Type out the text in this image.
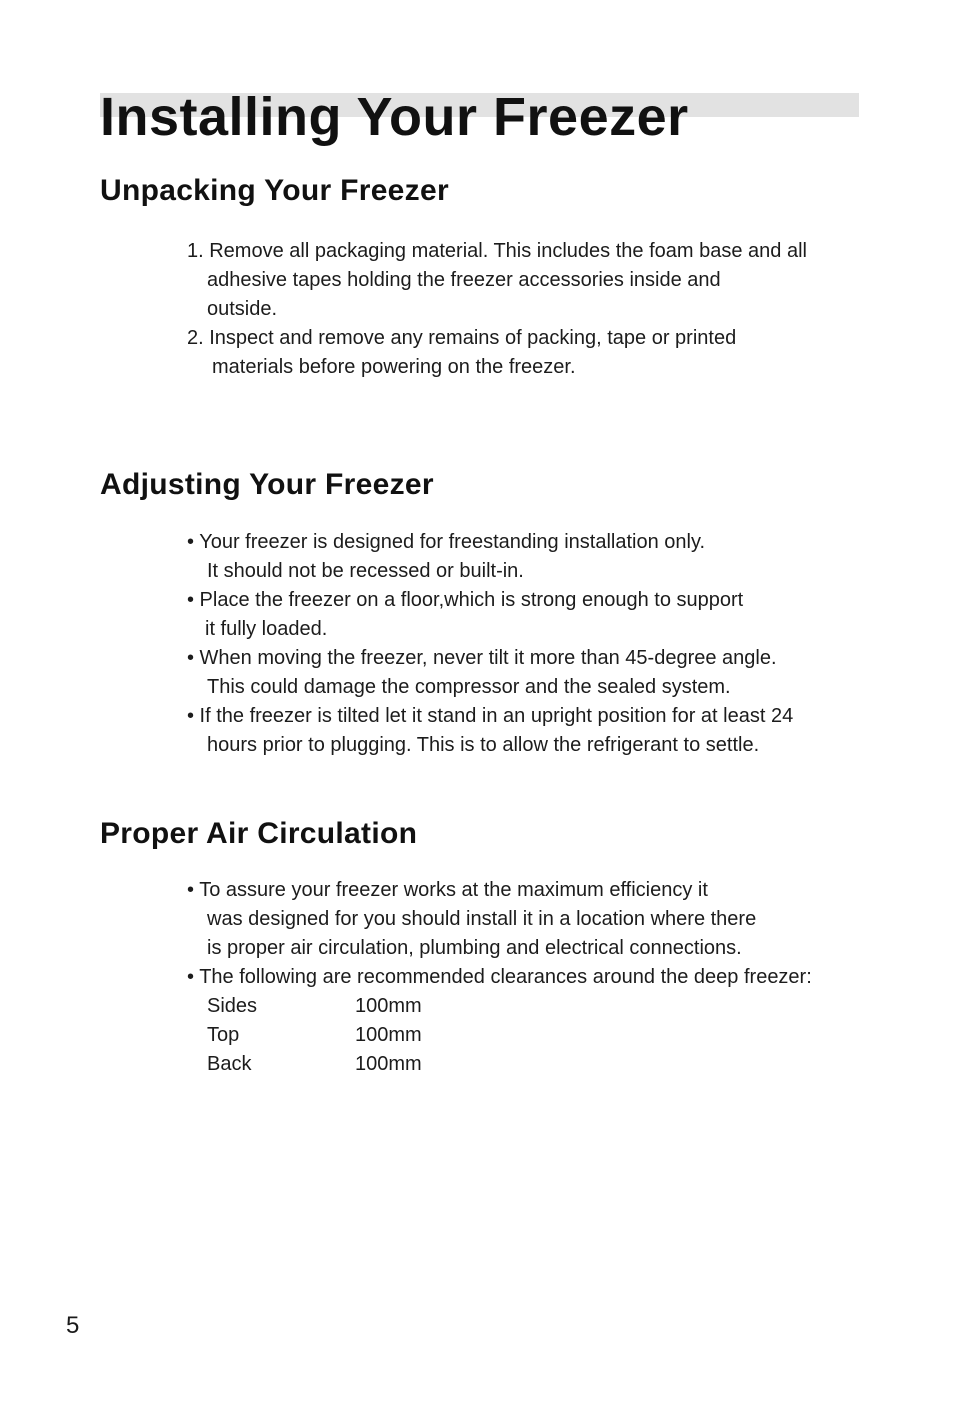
Installing Your Freezer
Unpacking Your Freezer
1. Remove all packaging material. This includes the foam base and all
adhesive tapes holding the freezer accessories inside and
outside.
2. Inspect and remove any remains of packing, tape or printed
materials before powering on the freezer.
Adjusting Your Freezer
• Your freezer is designed for freestanding installation only.
It should not be recessed or built-in.
• Place the freezer on a floor,which is strong enough to support
it fully loaded.
• When moving the freezer, never tilt it more than 45-degree angle.
This could damage the compressor and the sealed system.
• If the freezer is tilted let it stand in an upright position for at least 24
hours prior to plugging. This is to allow the refrigerant to settle.
Proper Air Circulation
• To assure your freezer works at the maximum efficiency it
was designed for you should install it in a location where there
is proper air circulation, plumbing and electrical connections.
• The following are recommended clearances around the deep freezer:
Sides	100mm
Top	100mm
Back	100mm
5
